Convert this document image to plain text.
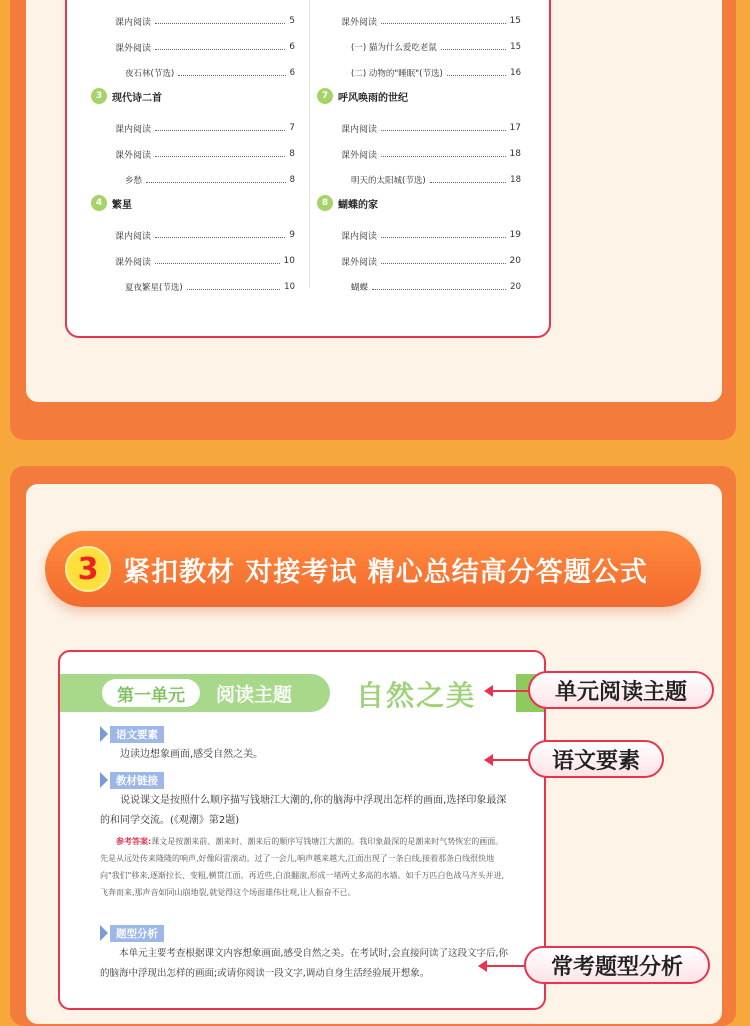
课内阅读	5
课外阅读	6
夜石林(节选)	6
3 现代诗二首
课内阅读	7
课外阅读	8
乡愁	8
4 繁星
课内阅读	9
课外阅读	10
夏夜繁星(节选)	10
课外阅读	15
(一) 猫为什么爱吃老鼠	15
(二) 动物的"睡眠"(节选)	16
7 呼风唤雨的世纪
课内阅读	17
课外阅读	18
明天的太阳城(节选)	18
8 蝴蝶的家
课内阅读	19
课外阅读	20
蝴蝶	20
3 紧扣教材 对接考试 精心总结高分答题公式
第一单元	阅读主题 自然之美
语文要素
边读边想象画面,感受自然之美。
教材链接
说说课文是按照什么顺序描写钱塘江大潮的,你的脑海中浮现出怎样的画面,选择印象最深的和同学交流。(《观潮》第2题)
参考答案:课文是按潮来前、潮来时、潮来后的顺序写钱塘江大潮的。我印象最深的是潮来时气势恢宏的画面。先是从远处传来隆隆的响声,好像闷雷滚动。过了一会儿,响声越来越大,江面出现了一条白线,接着那条白线很快地向"我们"移来,逐渐拉长、变粗,横贯江面。再近些,白浪翻滚,形成一堵两丈多高的水墙。如千万匹白色战马齐头并进,飞奔而来,那声音如同山崩地裂,就觉得这个场面雄伟壮观,让人振奋不已。
题型分析
本单元主要考查根据课文内容想象画面,感受自然之美。在考试时,会直接问读了这段文字后,你的脑海中浮现出怎样的画面;或请你阅读一段文字,调动自身生活经验展开想象。
单元阅读主题
语文要素
常考题型分析
